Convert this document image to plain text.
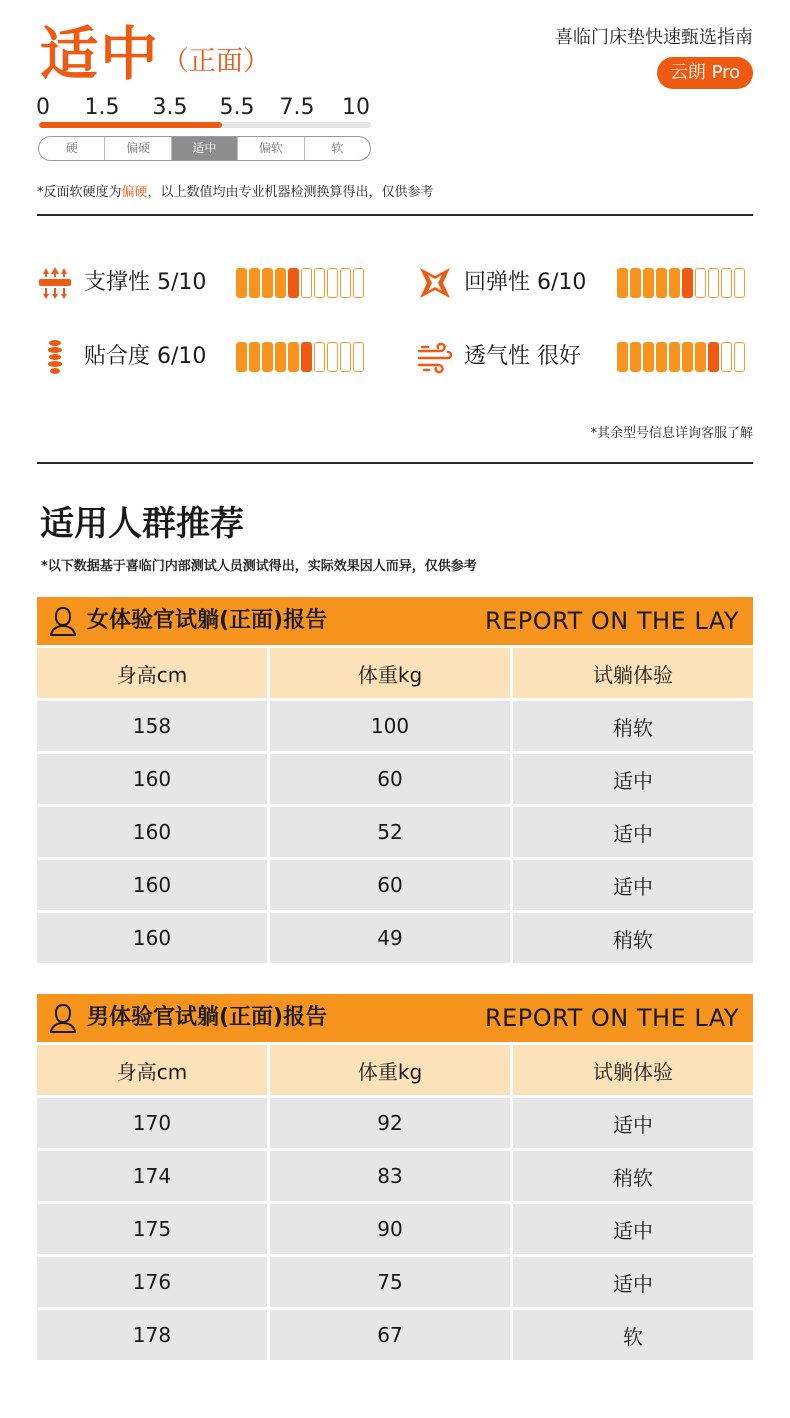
适中 （正面）
喜临门床垫快速甄选指南
云朗 Pro
0 1.5 3.5 5.5 7.5 10
硬	偏硬	适中	偏软	软
*反面软硬度为偏硬，以上数值均由专业机器检测换算得出，仅供参考
支撑性 5/10	回弹性 6/10
贴合度 6/10	透气性 很好
*其余型号信息详询客服了解
适用人群推荐
*以下数据基于喜临门内部测试人员测试得出，实际效果因人而异，仅供参考
女体验官试躺(正面)报告	REPORT ON THE LAY
身高cm	体重kg	试躺体验
158	100	稍软
160	60	适中
160	52	适中
160	60	适中
160	49	稍软
男体验官试躺(正面)报告	REPORT ON THE LAY
身高cm	体重kg	试躺体验
170	92	适中
174	83	稍软
175	90	适中
176	75	适中
178	67	软
